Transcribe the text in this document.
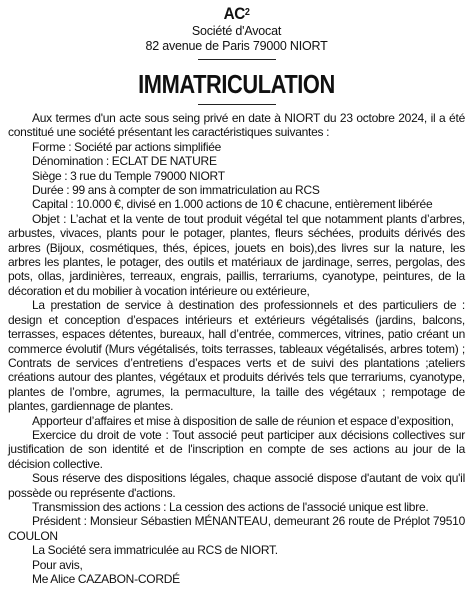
$AC^2$
Société d'Avocat
82 avenue de Paris 79000 NIORT
IMMATRICULATION

Aux termes d'un acte sous seing privé en date à NIORT du 23 octobre 2024, il a été constitué une société présentant les caractéristiques suivantes :

Forme : Société par actions simplifiée

Dénomination : ECLAT DE NATURE

Siège : 3 rue du Temple 79000 NIORT

Durée : 99 ans à compter de son immatriculation au RCS

Capital : 10.000 €, divisé en 1.000 actions de 10 € chacune, entièrement libérée

Objet : L’achat et la vente de tout produit végétal tel que notamment plants d’arbres, arbustes, vivaces, plants pour le potager, plantes, fleurs séchées, produits dérivés des arbres (Bijoux, cosmétiques, thés, épices, jouets en bois),des livres sur la nature, les arbres les plantes, le potager, des outils et matériaux de jardinage, serres, pergolas, des pots, ollas, jardinières, terreaux, engrais, paillis, terrariums, cyanotype, peintures, de la décoration et du mobilier à vocation intérieure ou extérieure,

La prestation de service à destination des professionnels et des particuliers de : design et conception d’espaces intérieurs et extérieurs végétalisés (jardins, balcons, terrasses, espaces détentes, bureaux, hall d’entrée, commerces, vitrines, patio créant un commerce évolutif (Murs végétalisés, toits terrasses, tableaux végétalisés, arbres totem) ; Contrats de services d’entretiens d’espaces verts et de suivi des plantations ;ateliers créations autour des plantes, végétaux et produits dérivés tels que terrariums, cyanotype, plantes de l’ombre, agrumes, la permaculture, la taille des végétaux ; rempotage de plantes, gardiennage de plantes.

Apporteur d’affaires et mise à disposition de salle de réunion et espace d’exposition,

Exercice du droit de vote : Tout associé peut participer aux décisions collectives sur justification de son identité et de l'inscription en compte de ses actions au jour de la décision collective.

Sous réserve des dispositions légales, chaque associé dispose d'autant de voix qu'il possède ou représente d'actions.

Transmission des actions : La cession des actions de l'associé unique est libre.

Président : Monsieur Sébastien MÉNANTEAU, demeurant 26 route de Préplot 79510 COULON

La Société sera immatriculée au RCS de NIORT.

Pour avis,

Me Alice CAZABON-CORDÉ
